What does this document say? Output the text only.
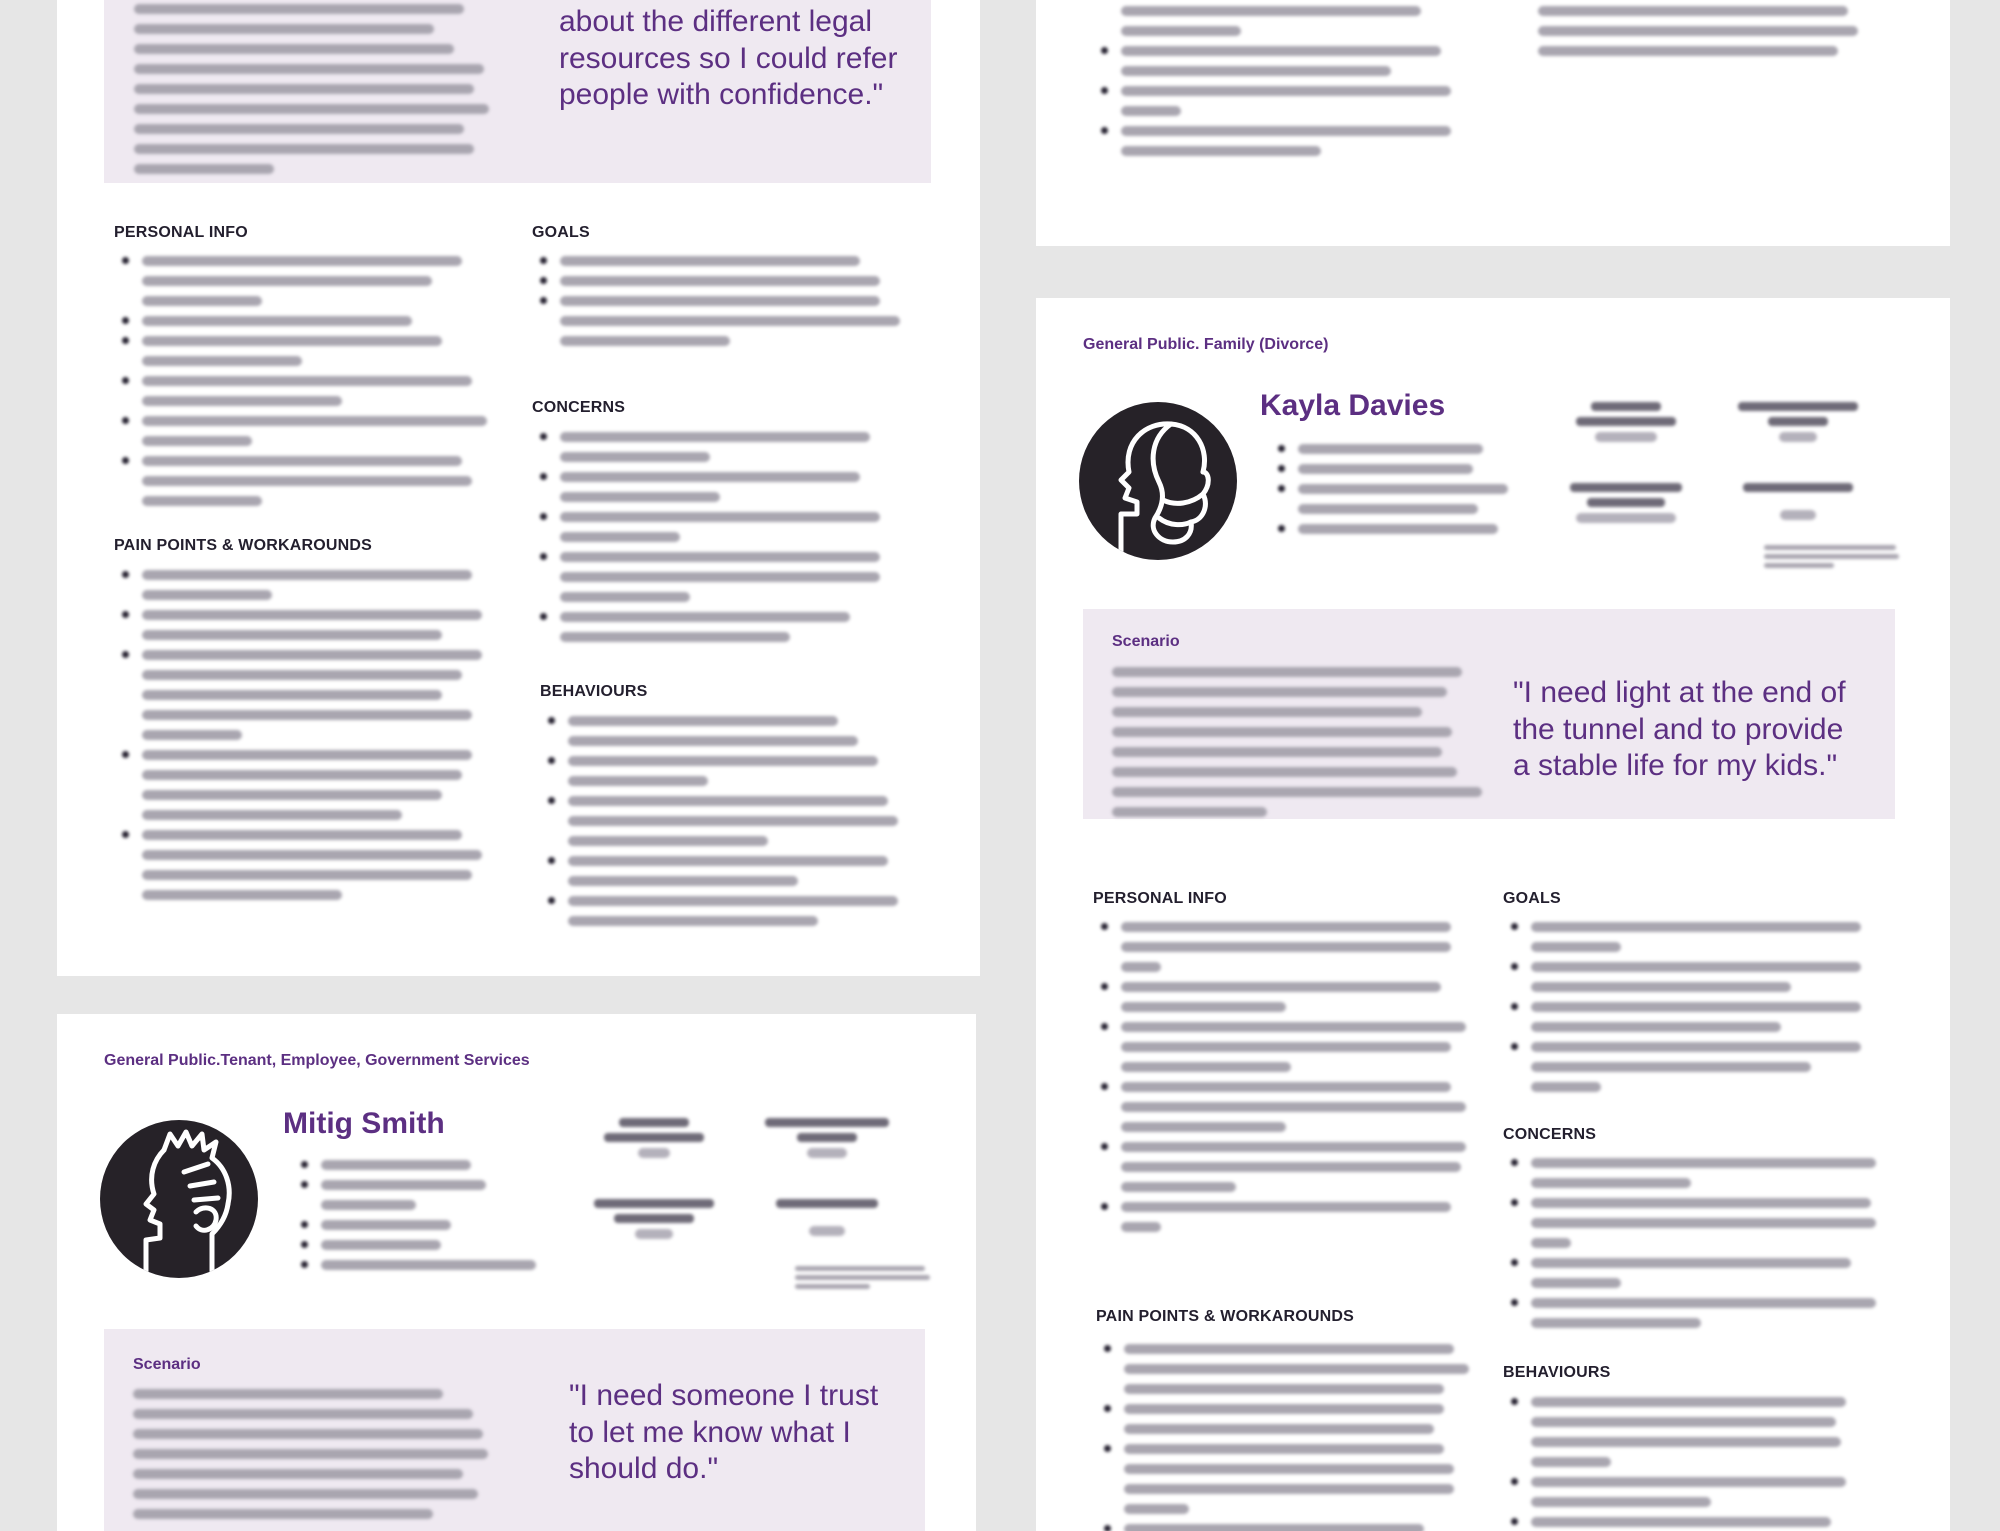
about the different legal resources so I could refer people with confidence."
PERSONAL INFO
PAIN POINTS & WORKAROUNDS
GOALS
CONCERNS
BEHAVIOURS
General Public. Family (Divorce)
Kayla Davies
Scenario
"I need light at the end of the tunnel and to provide a stable life for my kids."
PERSONAL INFO
PAIN POINTS & WORKAROUNDS
GOALS
CONCERNS
BEHAVIOURS
General Public.Tenant, Employee, Government Services
Mitig Smith
Scenario
"I need someone I trust to let me know what I should do."
